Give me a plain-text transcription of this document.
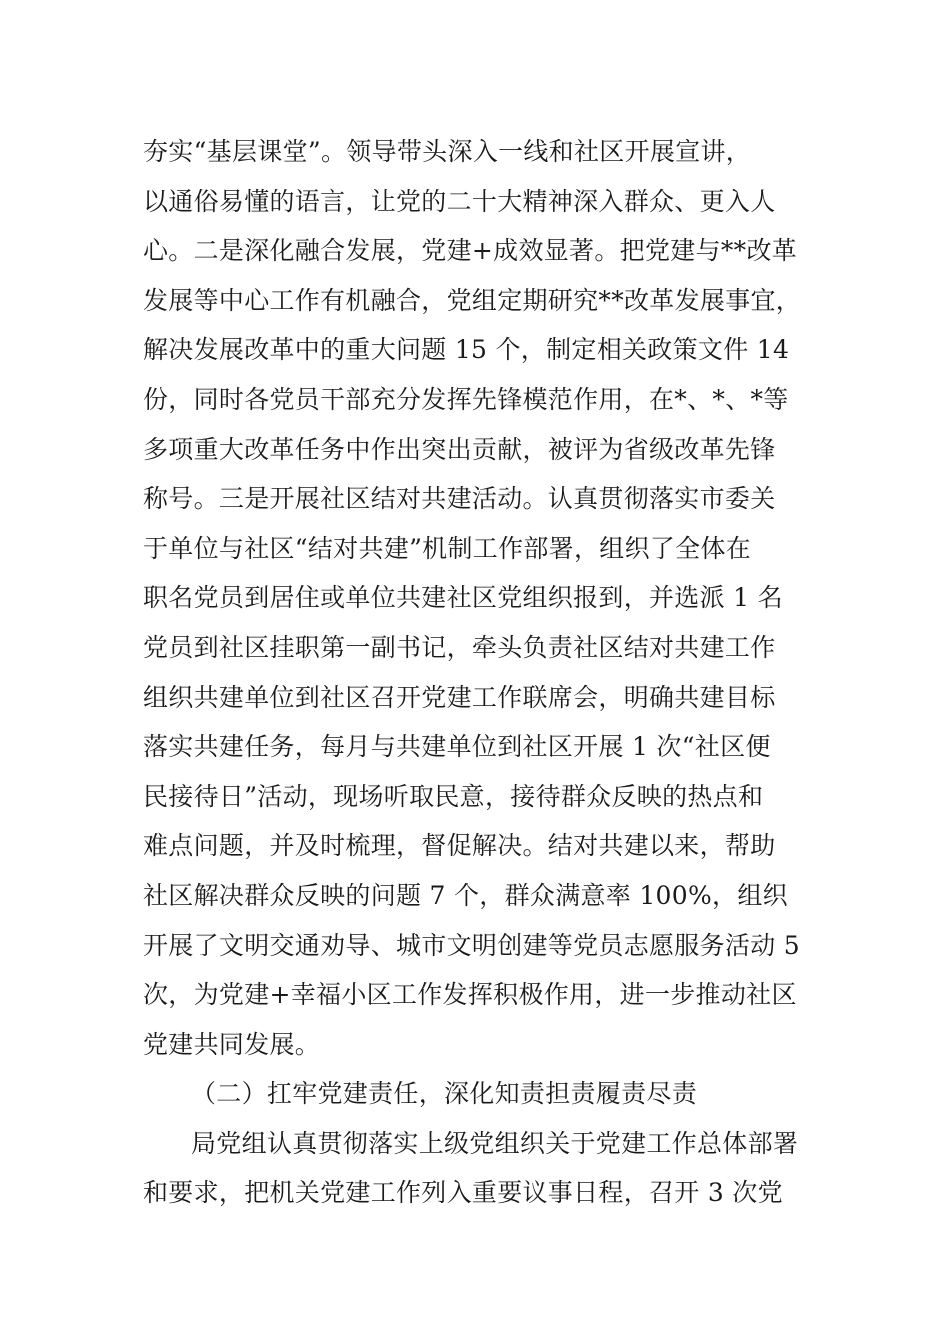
夯实“基层课堂”。领导带头深入一线和社区开展宣讲，
以通俗易懂的语言，让党的二十大精神深入群众、更入人
心。二是深化融合发展，党建+成效显著。把党建与**改革
发展等中心工作有机融合，党组定期研究**改革发展事宜，
解决发展改革中的重大问题 15 个，制定相关政策文件 14
份，同时各党员干部充分发挥先锋模范作用，在*、*、*等
多项重大改革任务中作出突出贡献，被评为省级改革先锋
称号。三是开展社区结对共建活动。认真贯彻落实市委关
于单位与社区“结对共建”机制工作部署，组织了全体在
职名党员到居住或单位共建社区党组织报到，并选派 1 名
党员到社区挂职第一副书记，牵头负责社区结对共建工作
组织共建单位到社区召开党建工作联席会，明确共建目标
落实共建任务，每月与共建单位到社区开展 1 次“社区便
民接待日”活动，现场听取民意，接待群众反映的热点和
难点问题，并及时梳理，督促解决。结对共建以来，帮助
社区解决群众反映的问题 7 个，群众满意率 100%，组织
开展了文明交通劝导、城市文明创建等党员志愿服务活动 5
次，为党建+幸福小区工作发挥积极作用，进一步推动社区
党建共同发展。
（二）扛牢党建责任，深化知责担责履责尽责
局党组认真贯彻落实上级党组织关于党建工作总体部署
和要求，把机关党建工作列入重要议事日程，召开 3 次党
